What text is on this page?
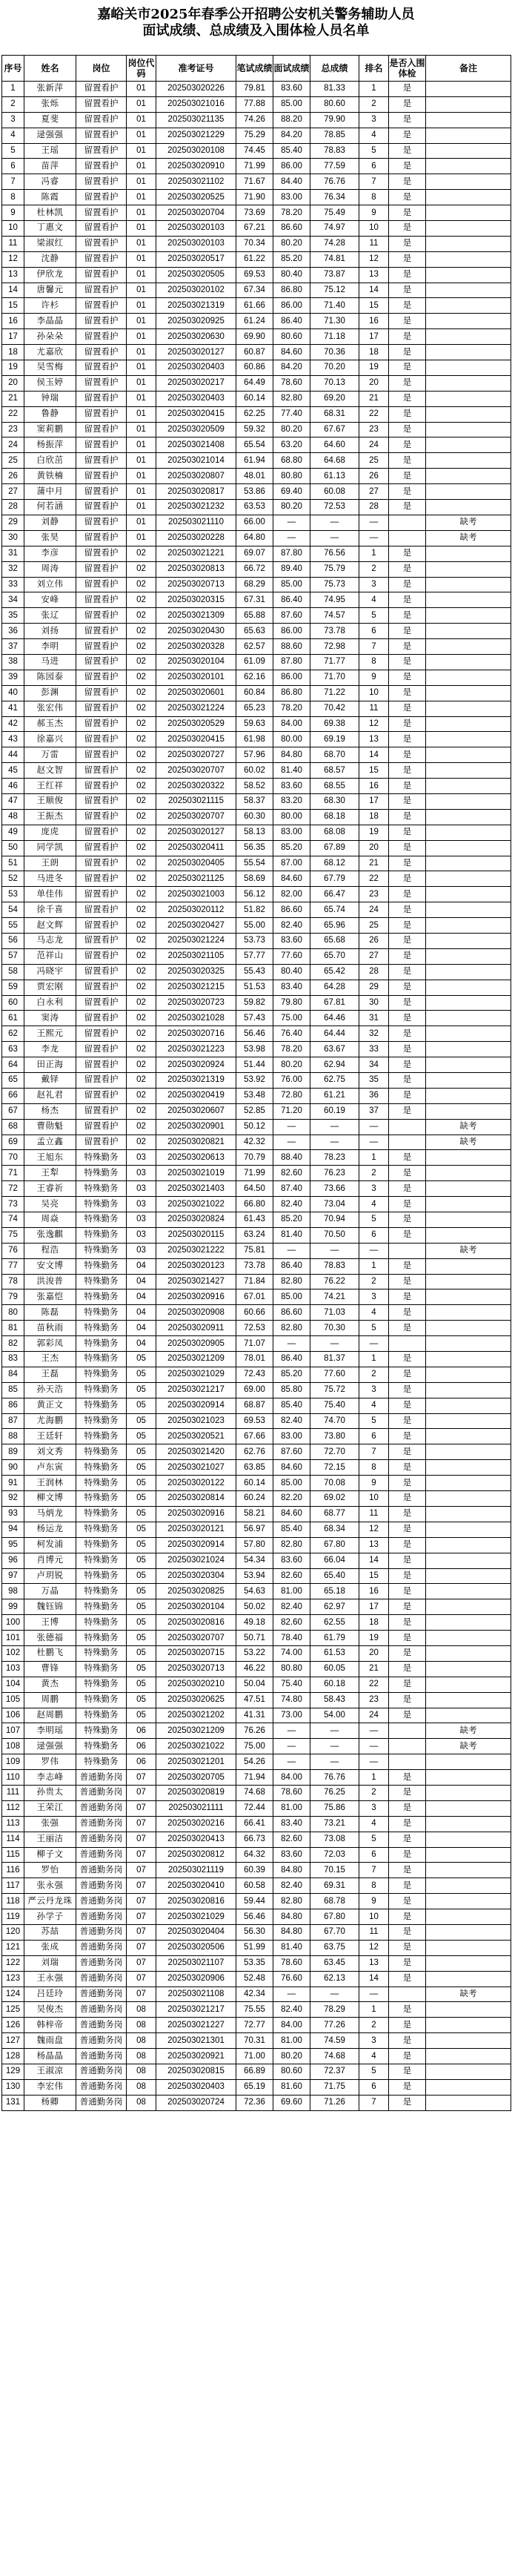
嘉峪关市2025年春季公开招聘公安机关警务辅助人员
面试成绩、总成绩及入围体检人员名单
序号	姓名	岗位	岗位代码	准考证号	笔试成绩	面试成绩	总成绩	排名	是否入围体检	备注
1	张新萍	留置看护	01	202503020226	79.81	83.60	81.33	1	是	
2	张烁	留置看护	01	202503021016	77.88	85.00	80.60	2	是	
3	夏斐	留置看护	01	202503021135	74.26	88.20	79.90	3	是	
4	逯强强	留置看护	01	202503021229	75.29	84.20	78.85	4	是	
5	王瑶	留置看护	01	202503020108	74.45	85.40	78.83	5	是	
6	苗萍	留置看护	01	202503020910	71.99	86.00	77.59	6	是	
7	冯睿	留置看护	01	202503021102	71.67	84.40	76.76	7	是	
8	陈霞	留置看护	01	202503020525	71.90	83.00	76.34	8	是	
9	杜林凯	留置看护	01	202503020704	73.69	78.20	75.49	9	是	
10	丁惠文	留置看护	01	202503020103	67.21	86.60	74.97	10	是	
11	梁淑红	留置看护	01	202503020103	70.34	80.20	74.28	11	是	
12	沈静	留置看护	01	202503020517	61.22	85.20	74.81	12	是	
13	伊欣龙	留置看护	01	202503020505	69.53	80.40	73.87	13	是	
14	唐馨元	留置看护	01	202503020102	67.34	86.80	75.12	14	是	
15	许杉	留置看护	01	202503021319	61.66	86.00	71.40	15	是	
16	李晶晶	留置看护	01	202503020925	61.24	86.40	71.30	16	是	
17	孙朵朵	留置看护	01	202503020630	69.90	80.60	71.18	17	是	
18	尤嘉欣	留置看护	01	202503020127	60.87	84.60	70.36	18	是	
19	吴雪梅	留置看护	01	202503020403	60.86	84.20	70.20	19	是	
20	侯玉婷	留置看护	01	202503020217	64.49	78.60	70.13	20	是	
21	钟瑞	留置看护	01	202503020403	60.14	82.80	69.20	21	是	
22	鲁静	留置看护	01	202503020415	62.25	77.40	68.31	22	是	
23	窦莉鹏	留置看护	01	202503020509	59.32	80.20	67.67	23	是	
24	杨振萍	留置看护	01	202503021408	65.54	63.20	64.60	24	是	
25	白欣茁	留置看护	01	202503021014	61.94	68.80	64.68	25	是	
26	黄铁楠	留置看护	01	202503020807	48.01	80.80	61.13	26	是	
27	蒲中月	留置看护	01	202503020817	53.86	69.40	60.08	27	是	
28	何若涵	留置看护	01	202503021232	63.53	80.20	72.53	28	是	
29	刘静	留置看护	01	202503021110	66.00	—	—	—		缺考
30	张昊	留置看护	01	202503020228	64.80	—	—	—		缺考
31	李彦	留置看护	02	202503021221	69.07	87.80	76.56	1	是	
32	周涛	留置看护	02	202503020813	66.72	89.40	75.79	2	是	
33	刘立伟	留置看护	02	202503020713	68.29	85.00	75.73	3	是	
34	安峰	留置看护	02	202503020315	67.31	86.40	74.95	4	是	
35	张辽	留置看护	02	202503021309	65.88	87.60	74.57	5	是	
36	刘扬	留置看护	02	202503020430	65.63	86.00	73.78	6	是	
37	李明	留置看护	02	202503020328	62.57	88.60	72.98	7	是	
38	马进	留置看护	02	202503020104	61.09	87.80	71.77	8	是	
39	陈园泰	留置看护	02	202503020101	62.16	86.00	71.70	9	是	
40	彭渊	留置看护	02	202503020601	60.84	86.80	71.22	10	是	
41	张宏伟	留置看护	02	202503021224	65.23	78.20	70.42	11	是	
42	郝玉杰	留置看护	02	202503020529	59.63	84.00	69.38	12	是	
43	徐嘉兴	留置看护	02	202503020415	61.98	80.00	69.19	13	是	
44	万雷	留置看护	02	202503020727	57.96	84.80	68.70	14	是	
45	赵文智	留置看护	02	202503020707	60.02	81.40	68.57	15	是	
46	王红祥	留置看护	02	202503020322	58.52	83.60	68.55	16	是	
47	王顺俊	留置看护	02	202503021115	58.37	83.20	68.30	17	是	
48	王振杰	留置看护	02	202503020707	60.30	80.00	68.18	18	是	
49	庞虎	留置看护	02	202503020127	58.13	83.00	68.08	19	是	
50	同学凯	留置看护	02	202503020411	56.35	85.20	67.89	20	是	
51	王朗	留置看护	02	202503020405	55.54	87.00	68.12	21	是	
52	马进冬	留置看护	02	202503021125	58.69	84.60	67.79	22	是	
53	单佳伟	留置看护	02	202503021003	56.12	82.00	66.47	23	是	
54	徐千喜	留置看护	02	202503020112	51.82	86.60	65.74	24	是	
55	赵文辉	留置看护	02	202503020427	55.00	82.40	65.96	25	是	
56	马志龙	留置看护	02	202503021224	53.73	83.60	65.68	26	是	
57	范祥山	留置看护	02	202503021105	57.77	77.60	65.70	27	是	
58	冯晓宇	留置看护	02	202503020325	55.43	80.40	65.42	28	是	
59	贾宏刚	留置看护	02	202503021215	51.53	83.40	64.28	29	是	
60	白永利	留置看护	02	202503020723	59.82	79.80	67.81	30	是	
61	窦涛	留置看护	02	202503021028	57.43	75.00	64.46	31	是	
62	王熙元	留置看护	02	202503020716	56.46	76.40	64.44	32	是	
63	李龙	留置看护	02	202503021223	53.98	78.20	63.67	33	是	
64	田正海	留置看护	02	202503020924	51.44	80.20	62.94	34	是	
65	戴铎	留置看护	02	202503021319	53.92	76.00	62.75	35	是	
66	赵礼君	留置看护	02	202503020419	53.48	72.80	61.21	36	是	
67	杨杰	留置看护	02	202503020607	52.85	71.20	60.19	37	是	
68	曹勋魁	留置看护	02	202503020901	50.12	—	—	—		缺考
69	孟立鑫	留置看护	02	202503020821	42.32	—	—	—		缺考
70	王旭东	特殊勤务	03	202503020613	70.79	88.40	78.23	1	是	
71	王犁	特殊勤务	03	202503021019	71.99	82.60	76.23	2	是	
72	王睿祈	特殊勤务	03	202503021403	64.50	87.40	73.66	3	是	
73	吴亮	特殊勤务	03	202503021022	66.80	82.40	73.04	4	是	
74	周焱	特殊勤务	03	202503020824	61.43	85.20	70.94	5	是	
75	张逸麒	特殊勤务	03	202503020115	63.24	81.40	70.50	6	是	
76	程浩	特殊勤务	03	202503021222	75.81	—	—	—		缺考
77	安文博	特殊勤务	04	202503020123	73.78	86.40	78.83	1	是	
78	洪浚普	特殊勤务	04	202503021427	71.84	82.80	76.22	2	是	
79	张嘉恺	特殊勤务	04	202503020916	67.01	85.00	74.21	3	是	
80	陈磊	特殊勤务	04	202503020908	60.66	86.60	71.03	4	是	
81	苗秋雨	特殊勤务	04	202503020911	72.53	82.80	70.30	5	是	
82	郭彩凤	特殊勤务	04	202503020905	71.07	—	—	—		
83	王杰	特殊勤务	05	202503021209	78.01	86.40	81.37	1	是	
84	王磊	特殊勤务	05	202503021029	72.43	85.20	77.60	2	是	
85	孙天浩	特殊勤务	05	202503021217	69.00	85.80	75.72	3	是	
86	黄正文	特殊勤务	05	202503020914	68.87	85.40	75.40	4	是	
87	尤海鹏	特殊勤务	05	202503021023	69.53	82.40	74.70	5	是	
88	王廷轩	特殊勤务	05	202503020521	67.66	83.00	73.80	6	是	
89	刘文秀	特殊勤务	05	202503021420	62.76	87.60	72.70	7	是	
90	卢东寅	特殊勤务	05	202503021027	63.85	84.60	72.15	8	是	
91	王润林	特殊勤务	05	202503020122	60.14	85.00	70.08	9	是	
92	柳文博	特殊勤务	05	202503020814	60.24	82.20	69.02	10	是	
93	马炳龙	特殊勤务	05	202503020916	58.21	84.60	68.77	11	是	
94	杨运龙	特殊勤务	05	202503020121	56.97	85.40	68.34	12	是	
95	柯发浦	特殊勤务	05	202503020914	57.80	82.80	67.80	13	是	
96	肖博元	特殊勤务	05	202503021024	54.34	83.60	66.04	14	是	
97	卢玥锐	特殊勤务	05	202503020304	53.94	82.60	65.40	15	是	
98	万晶	特殊勤务	05	202503020825	54.63	81.00	65.18	16	是	
99	魏钰锦	特殊勤务	05	202503020104	50.02	82.40	62.97	17	是	
100	王博	特殊勤务	05	202503020816	49.18	82.60	62.55	18	是	
101	张德福	特殊勤务	05	202503020707	50.71	78.40	61.79	19	是	
102	杜鹏飞	特殊勤务	05	202503020715	53.22	74.00	61.53	20	是	
103	曹锋	特殊勤务	05	202503020713	46.22	80.80	60.05	21	是	
104	黄杰	特殊勤务	05	202503020210	50.04	75.40	60.18	22	是	
105	周鹏	特殊勤务	05	202503020625	47.51	74.80	58.43	23	是	
106	赵周鹏	特殊勤务	05	202503021202	41.31	73.00	54.00	24	是	
107	李明瑶	特殊勤务	06	202503021209	76.26	—	—	—		缺考
108	逯强强	特殊勤务	06	202503021022	75.00	—	—	—		缺考
109	罗伟	特殊勤务	06	202503021201	54.26	—	—	—		
110	李志峰	普通勤务岗	07	202503020705	71.94	84.00	76.76	1	是	
111	孙贵太	普通勤务岗	07	202503020819	74.68	78.60	76.25	2	是	
112	王荣江	普通勤务岗	07	202503021111	72.44	81.00	75.86	3	是	
113	张强	普通勤务岗	07	202503020216	66.41	83.40	73.21	4	是	
114	王丽洁	普通勤务岗	07	202503020413	66.73	82.60	73.08	5	是	
115	柳子文	普通勤务岗	07	202503020812	64.32	83.60	72.03	6	是	
116	罗怡	普通勤务岗	07	202503021119	60.39	84.80	70.15	7	是	
117	张永强	普通勤务岗	07	202503020410	60.58	82.40	69.31	8	是	
118	严云丹龙珠	普通勤务岗	07	202503020816	59.44	82.80	68.78	9	是	
119	孙学子	普通勤务岗	07	202503021029	56.46	84.80	67.80	10	是	
120	苏喆	普通勤务岗	07	202503020404	56.30	84.80	67.70	11	是	
121	张成	普通勤务岗	07	202503020506	51.99	81.40	63.75	12	是	
122	刘瑞	普通勤务岗	07	202503021107	53.35	78.60	63.45	13	是	
123	王永强	普通勤务岗	07	202503020906	52.48	76.60	62.13	14	是	
124	吕廷玲	普通勤务岗	07	202503021108	42.34	—	—	—		缺考
125	吴俊杰	普通勤务岗	08	202503021217	75.55	82.40	78.29	1	是	
126	韩梓帝	普通勤务岗	08	202503021227	72.77	84.00	77.26	2	是	
127	魏雨盘	普通勤务岗	08	202503021301	70.31	81.00	74.59	3	是	
128	杨晶晶	普通勤务岗	08	202503020921	71.00	80.20	74.68	4	是	
129	王淑凉	普通勤务岗	08	202503020815	66.89	80.60	72.37	5	是	
130	李宏伟	普通勤务岗	08	202503020403	65.19	81.60	71.75	6	是	
131	杨卿	普通勤务岗	08	202503020724	72.36	69.60	71.26	7	是	
